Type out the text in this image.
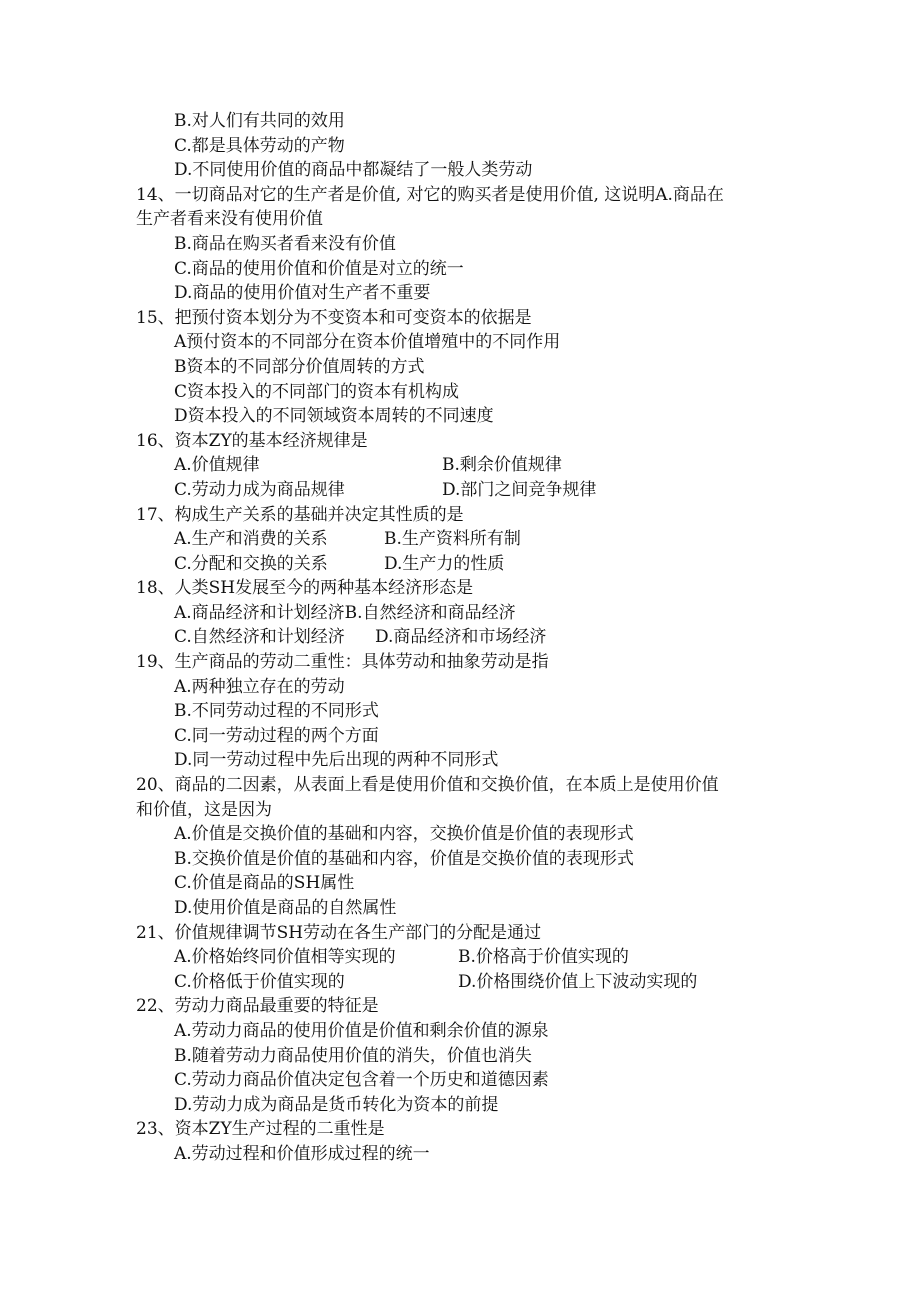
B.对人们有共同的效用
C.都是具体劳动的产物
D.不同使用价值的商品中都凝结了一般人类劳动
14、一切商品对它的生产者是价值, 对它的购买者是使用价值, 这说明A.商品在
生产者看来没有使用价值
B.商品在购买者看来没有价值
C.商品的使用价值和价值是对立的统一
D.商品的使用价值对生产者不重要
15、把预付资本划分为不变资本和可变资本的依据是
A预付资本的不同部分在资本价值增殖中的不同作用
B资本的不同部分价值周转的方式
C资本投入的不同部门的资本有机构成
D资本投入的不同领域资本周转的不同速度
16、资本ZY的基本经济规律是
A.价值规律	B.剩余价值规律
C.劳动力成为商品规律	D.部门之间竞争规律
17、构成生产关系的基础并决定其性质的是
A.生产和消费的关系	B.生产资料所有制
C.分配和交换的关系	D.生产力的性质
18、人类SH发展至今的两种基本经济形态是
A.商品经济和计划经济B.自然经济和商品经济
C.自然经济和计划经济 D.商品经济和市场经济
19、生产商品的劳动二重性：具体劳动和抽象劳动是指
A.两种独立存在的劳动
B.不同劳动过程的不同形式
C.同一劳动过程的两个方面
D.同一劳动过程中先后出现的两种不同形式
20、商品的二因素，从表面上看是使用价值和交换价值，在本质上是使用价值
和价值，这是因为
A.价值是交换价值的基础和内容，交换价值是价值的表现形式
B.交换价值是价值的基础和内容，价值是交换价值的表现形式
C.价值是商品的SH属性
D.使用价值是商品的自然属性
21、价值规律调节SH劳动在各生产部门的分配是通过
A.价格始终同价值相等实现的	B.价格高于价值实现的
C.价格低于价值实现的	D.价格围绕价值上下波动实现的
22、劳动力商品最重要的特征是
A.劳动力商品的使用价值是价值和剩余价值的源泉
B.随着劳动力商品使用价值的消失，价值也消失
C.劳动力商品价值决定包含着一个历史和道德因素
D.劳动力成为商品是货币转化为资本的前提
23、资本ZY生产过程的二重性是
A.劳动过程和价值形成过程的统一
